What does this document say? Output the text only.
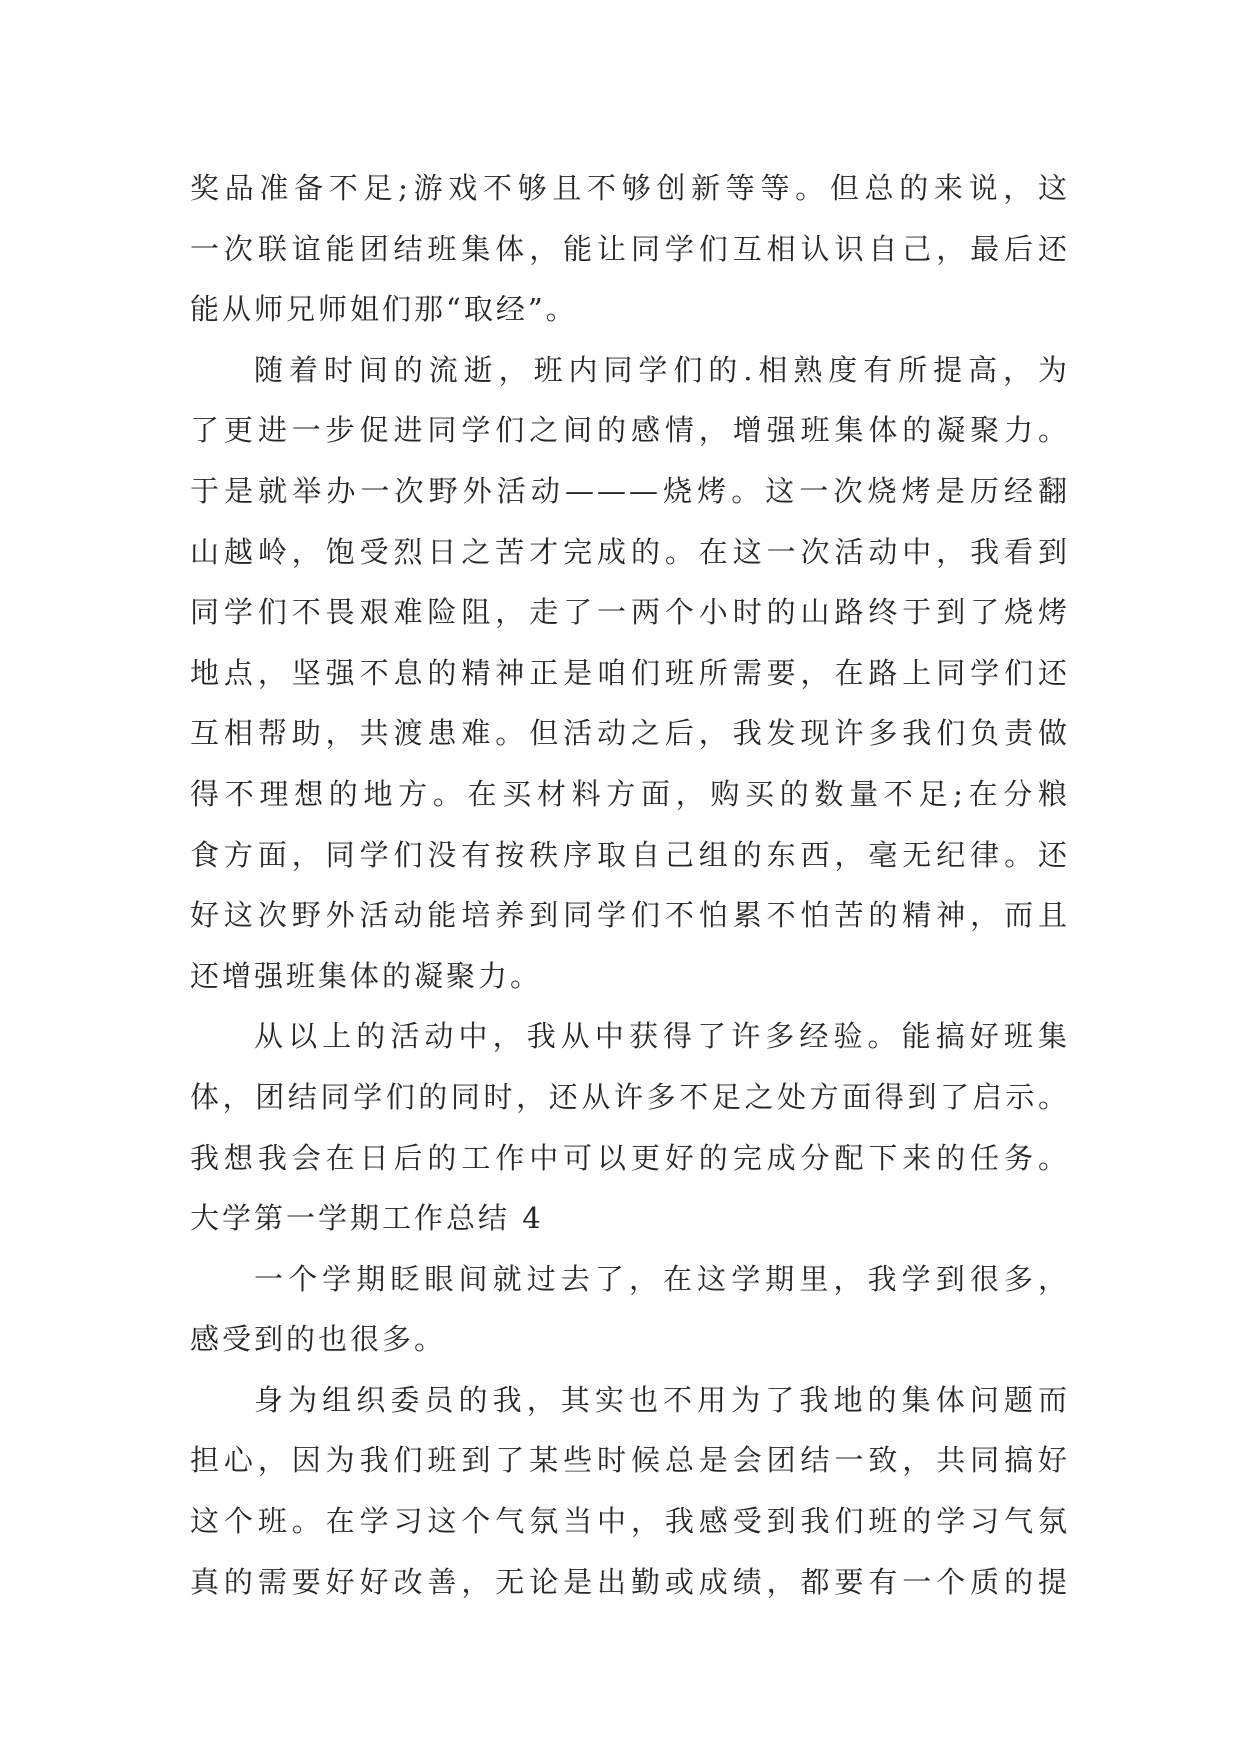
奖品准备不足;游戏不够且不够创新等等。但总的来说，这
一次联谊能团结班集体，能让同学们互相认识自己，最后还
能从师兄师姐们那“取经”。
随着时间的流逝，班内同学们的.相熟度有所提高，为
了更进一步促进同学们之间的感情，增强班集体的凝聚力。
于是就举办一次野外活动———烧烤。这一次烧烤是历经翻
山越岭，饱受烈日之苦才完成的。在这一次活动中，我看到
同学们不畏艰难险阻，走了一两个小时的山路终于到了烧烤
地点，坚强不息的精神正是咱们班所需要，在路上同学们还
互相帮助，共渡患难。但活动之后，我发现许多我们负责做
得不理想的地方。在买材料方面，购买的数量不足;在分粮
食方面，同学们没有按秩序取自己组的东西，毫无纪律。还
好这次野外活动能培养到同学们不怕累不怕苦的精神，而且
还增强班集体的凝聚力。
从以上的活动中，我从中获得了许多经验。能搞好班集
体，团结同学们的同时，还从许多不足之处方面得到了启示。
我想我会在日后的工作中可以更好的完成分配下来的任务。
大学第一学期工作总结 4
一个学期眨眼间就过去了，在这学期里，我学到很多，
感受到的也很多。
身为组织委员的我，其实也不用为了我地的集体问题而
担心，因为我们班到了某些时候总是会团结一致，共同搞好
这个班。在学习这个气氛当中，我感受到我们班的学习气氛
真的需要好好改善，无论是出勤或成绩，都要有一个质的提
